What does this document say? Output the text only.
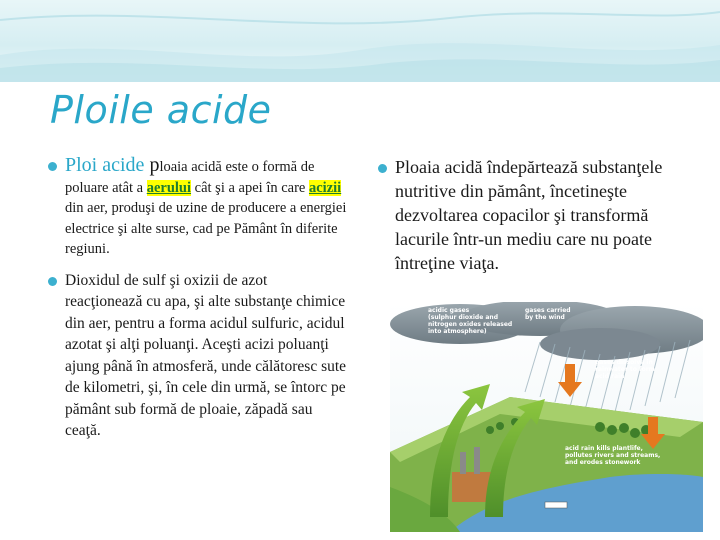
Ploile acide
Ploi acide ploaia acidă este o formă de poluare atât a aerului cât şi a apei în care acizii din aer, produşi de uzine de producere a energiei electrice şi alte surse, cad pe Pământ în diferite regiuni.
Dioxidul de sulf şi oxizii de azot reacţionează cu apa, şi alte substanţe chimice din aer, pentru a forma acidul sulfuric, acidul azotat şi alţi poluanţi. Aceşti acizi poluanţi ajung până în atmosferă, unde călătoresc sute de kilometri, şi, în cele din urmă, se întorc pe pământ sub formă de ploaie, zăpadă sau ceaţă.
Ploaia acidă îndepărtează substanţele nutritive din pământ, încetineşte dezvoltarea copacilor şi transformă lacurile într-un mediu care nu poate întreţine viaţa.
acidic gases
(sulphur dioxide and
nitrogen oxides released
into atmosphere)
gases carried
by the wind
gases dissolve in
rainwater to form
acid rain
acid rain kills plantlife,
pollutes rivers and streams,
and erodes stonework
